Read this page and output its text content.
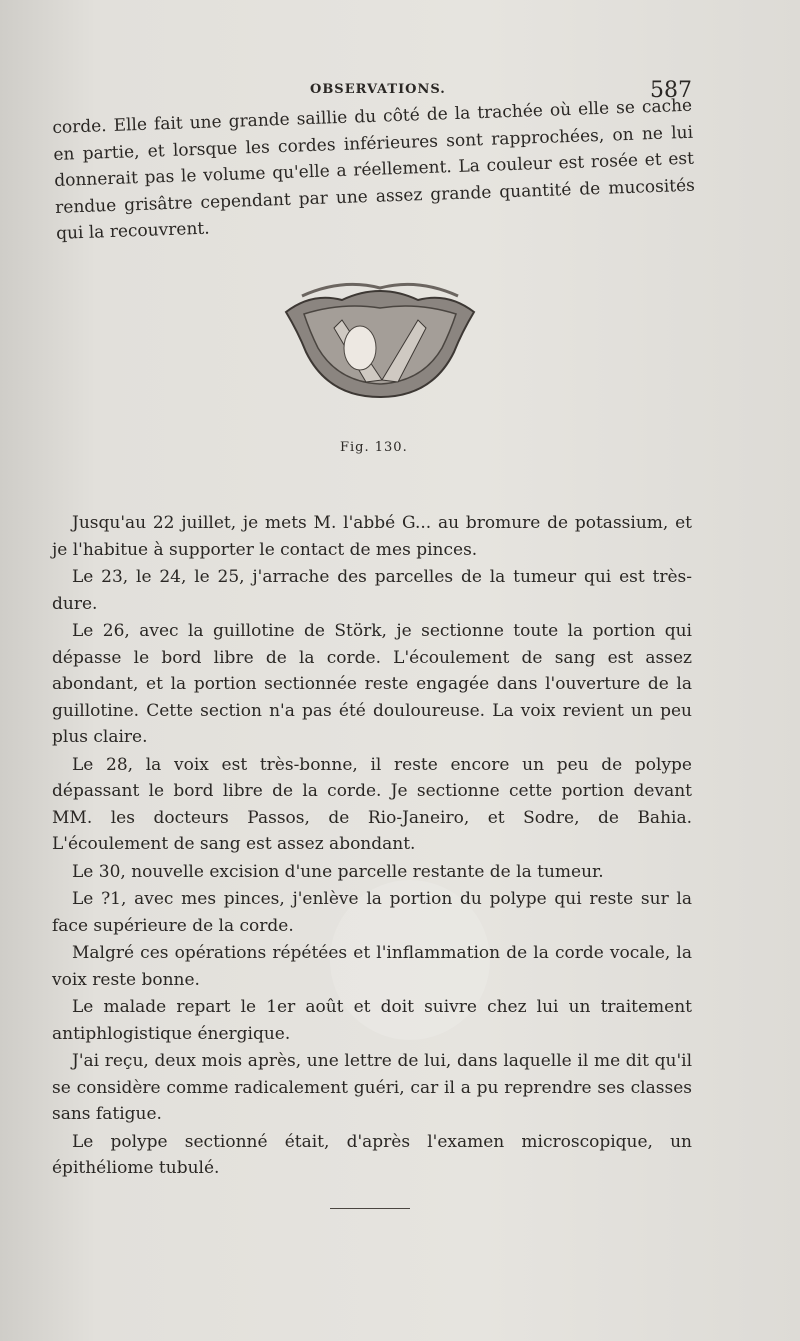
OBSERVATIONS.	587
corde. Elle fait une grande saillie du côté de la trachée où elle se cache en partie, et lorsque les cordes inférieures sont rapprochées, on ne lui donnerait pas le volume qu'elle a réellement. La couleur est rosée et est rendue grisâtre cependant par une assez grande quantité de mucosités qui la recouvrent.
Fig. 130.

Jusqu'au 22 juillet, je mets M. l'abbé G... au bromure de potassium, et je l'habitue à supporter le contact de mes pinces.

Le 23, le 24, le 25, j'arrache des parcelles de la tumeur qui est très-dure.

Le 26, avec la guillotine de Störk, je sectionne toute la portion qui dépasse le bord libre de la corde. L'écoulement de sang est assez abondant, et la portion sectionnée reste engagée dans l'ouverture de la guillotine. Cette section n'a pas été douloureuse. La voix revient un peu plus claire.

Le 28, la voix est très-bonne, il reste encore un peu de polype dépassant le bord libre de la corde. Je sectionne cette portion devant MM. les docteurs Passos, de Rio-Janeiro, et Sodre, de Bahia. L'écoulement de sang est assez abondant.

Le 30, nouvelle excision d'une parcelle restante de la tumeur.

Le ?1, avec mes pinces, j'enlève la portion du polype qui reste sur la face supérieure de la corde.

Malgré ces opérations répétées et l'inflammation de la corde vocale, la voix reste bonne.

Le malade repart le 1er août et doit suivre chez lui un traitement antiphlogistique énergique.

J'ai reçu, deux mois après, une lettre de lui, dans laquelle il me dit qu'il se considère comme radicalement guéri, car il a pu reprendre ses classes sans fatigue.

Le polype sectionné était, d'après l'examen microscopique, un épithéliome tubulé.
